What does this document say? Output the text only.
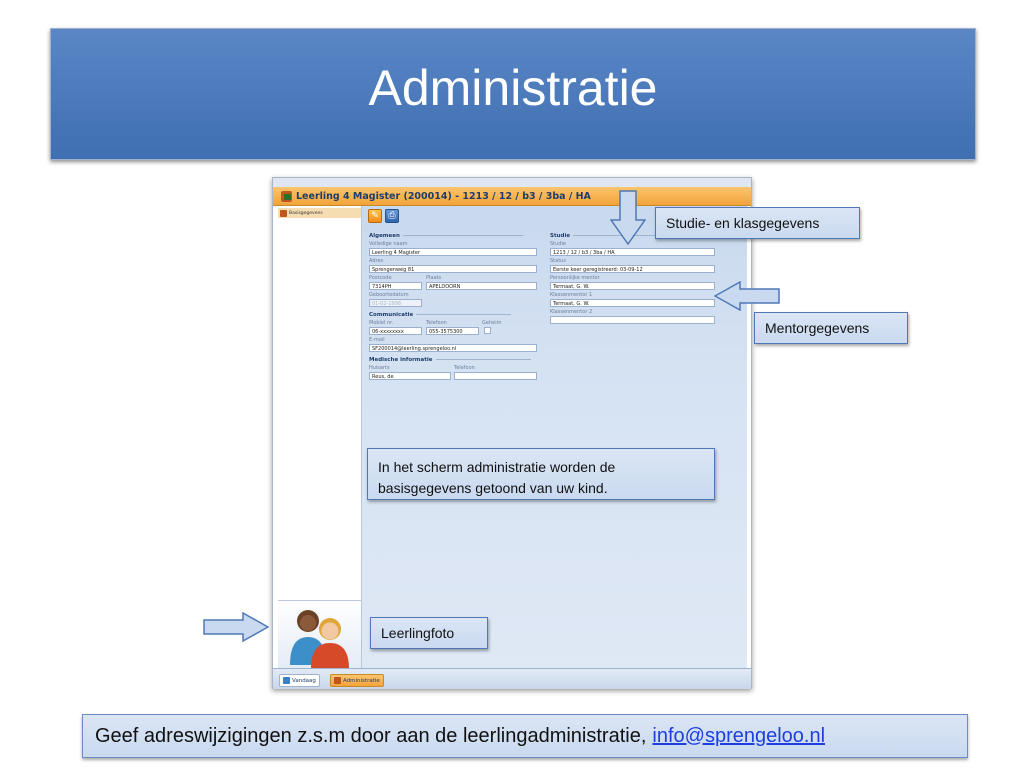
Administratie
Leerling 4 Magister (200014) - 1213 / 12 / b3 / 3ba / HA
Basisgegevens	✎ ⎙
Algemeen
Volledige naam
Leerling 4 Magister
Adres
Sprengenweg 81
Postcode	Plaats
7314PH	APELDOORN
Geboortedatum
01-02-1998
Communicatie
Mobiel nr.	Telefoon	Geheim
06-xxxxxxxx	055-3575300
E-mail
SF200014@leerling.sprengeloo.nl
Medische informatie
Huisarts	Telefoon
Reus, de
Studie
Studie
1213 / 12 / b3 / 3ba / HA
Status
Eerste keer geregistreerd: 03-09-12
Persoonlijke mentor
Termaat, G. W.
Klassenmentor 1
Termaat, G. W.
Klassenmentor 2
Vandaag	Administratie
Studie- en klasgegevens
Mentorgegevens
In het scherm administratie worden de basisgegevens getoond van uw kind.
Leerlingfoto
Geef adreswijzigingen z.s.m door aan de leerlingadministratie, info@sprengeloo.nl
